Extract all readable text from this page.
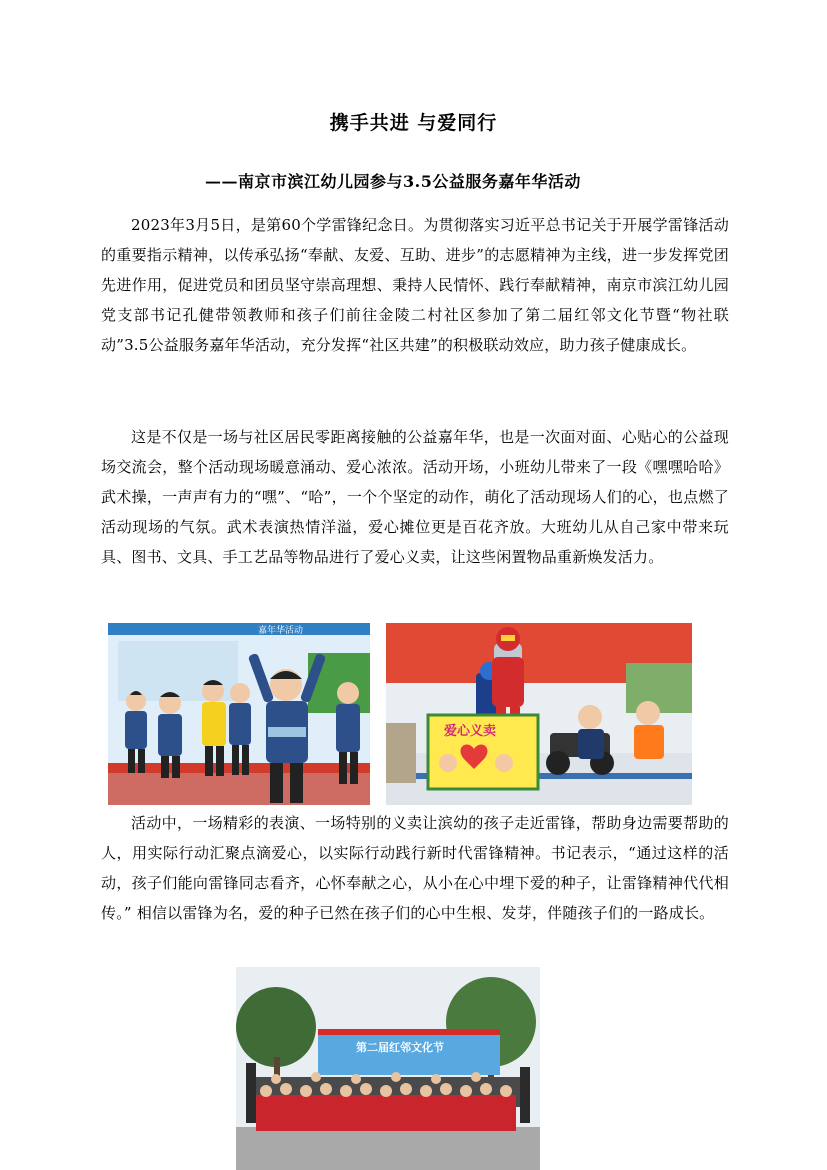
携手共进 与爱同行
——南京市滨江幼儿园参与3.5公益服务嘉年华活动

2023年3月5日，是第60个学雷锋纪念日。为贯彻落实习近平总书记关于开展学雷锋活动的重要指示精神，以传承弘扬“奉献、友爱、互助、进步”的志愿精神为主线，进一步发挥党团先进作用，促进党员和团员坚守崇高理想、秉持人民情怀、践行奉献精神，南京市滨江幼儿园党支部书记孔健带领教师和孩子们前往金陵二村社区参加了第二届红邻文化节暨“物社联动”3.5公益服务嘉年华活动，充分发挥“社区共建”的积极联动效应，助力孩子健康成长。

这是不仅是一场与社区居民零距离接触的公益嘉年华，也是一次面对面、心贴心的公益现场交流会，整个活动现场暖意涌动、爱心浓浓。活动开场，小班幼儿带来了一段《嘿嘿哈哈》武术操，一声声有力的“嘿”、“哈”，一个个坚定的动作，萌化了活动现场人们的心，也点燃了活动现场的气氛。武术表演热情洋溢，爱心摊位更是百花齐放。大班幼儿从自己家中带来玩具、图书、文具、手工艺品等物品进行了爱心义卖，让这些闲置物品重新焕发活力。

嘉年华活动
爱心义卖

活动中，一场精彩的表演、一场特别的义卖让滨幼的孩子走近雷锋，帮助身边需要帮助的人，用实际行动汇聚点滴爱心，以实际行动践行新时代雷锋精神。书记表示，“通过这样的活动，孩子们能向雷锋同志看齐，心怀奉献之心，从小在心中埋下爱的种子，让雷锋精神代代相传。” 相信以雷锋为名，爱的种子已然在孩子们的心中生根、发芽，伴随孩子们的一路成长。

第二届红邻文化节
